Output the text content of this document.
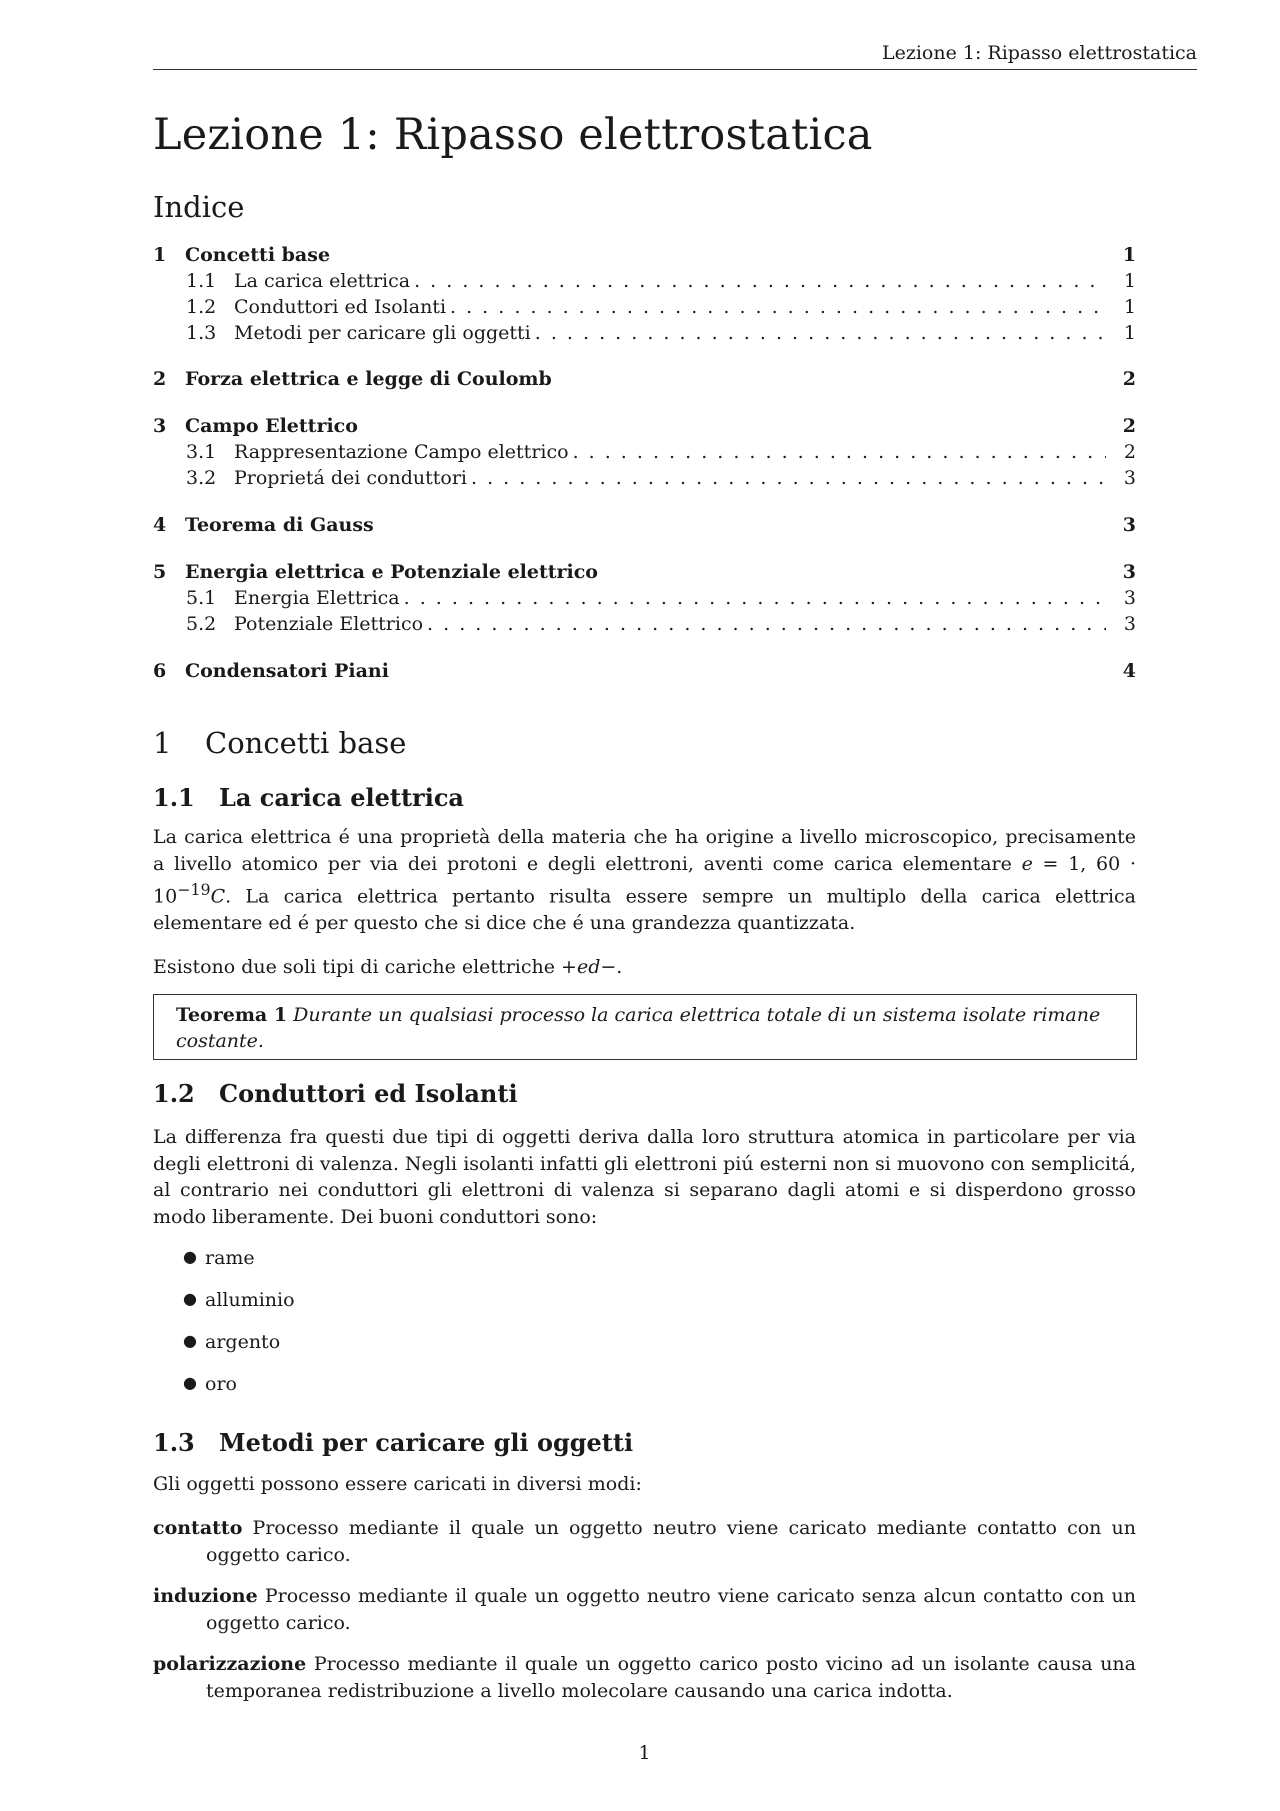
Lezione 1: Ripasso elettrostatica
Lezione 1: Ripasso elettrostatica
Indice
1 Concetti base	1
1.1 La carica elettrica . . .	1
1.2 Conduttori ed Isolanti . . .	1
1.3 Metodi per caricare gli oggetti . . .	1
2 Forza elettrica e legge di Coulomb	2
3 Campo Elettrico	2
3.1 Rappresentazione Campo elettrico . . .	2
3.2 Proprietá dei conduttori . . .	3
4 Teorema di Gauss	3
5 Energia elettrica e Potenziale elettrico	3
5.1 Energia Elettrica . . .	3
5.2 Potenziale Elettrico . . .	3
6 Condensatori Piani	4
1 Concetti base
1.1 La carica elettrica

La carica elettrica é una proprietà della materia che ha origine a livello microscopico, precisamente a livello atomico per via dei protoni e degli elettroni, aventi come carica elementare e = 1, $60 \cdot 10^{-19}C$. La carica elettrica pertanto risulta essere sempre un multiplo della carica elettrica elementare ed é per questo che si dice che é una grandezza quantizzata.

Esistono due soli tipi di cariche elettriche +ed−.

Teorema 1 Durante un qualsiasi processo la carica elettrica totale di un sistema isolate rimane costante.
1.2 Conduttori ed Isolanti

La differenza fra questi due tipi di oggetti deriva dalla loro struttura atomica in particolare per via degli elettroni di valenza. Negli isolanti infatti gli elettroni piú esterni non si muovono con semplicitá, al contrario nei conduttori gli elettroni di valenza si separano dagli atomi e si disperdono grosso modo liberamente. Dei buoni conduttori sono:

● rame
● alluminio
● argento
● oro
1.3 Metodi per caricare gli oggetti

Gli oggetti possono essere caricati in diversi modi:

contatto Processo mediante il quale un oggetto neutro viene caricato mediante contatto con un oggetto carico.
induzione Processo mediante il quale un oggetto neutro viene caricato senza alcun contatto con un oggetto carico.
polarizzazione Processo mediante il quale un oggetto carico posto vicino ad un isolante causa una temporanea redistribuzione a livello molecolare causando una carica indotta.
1
